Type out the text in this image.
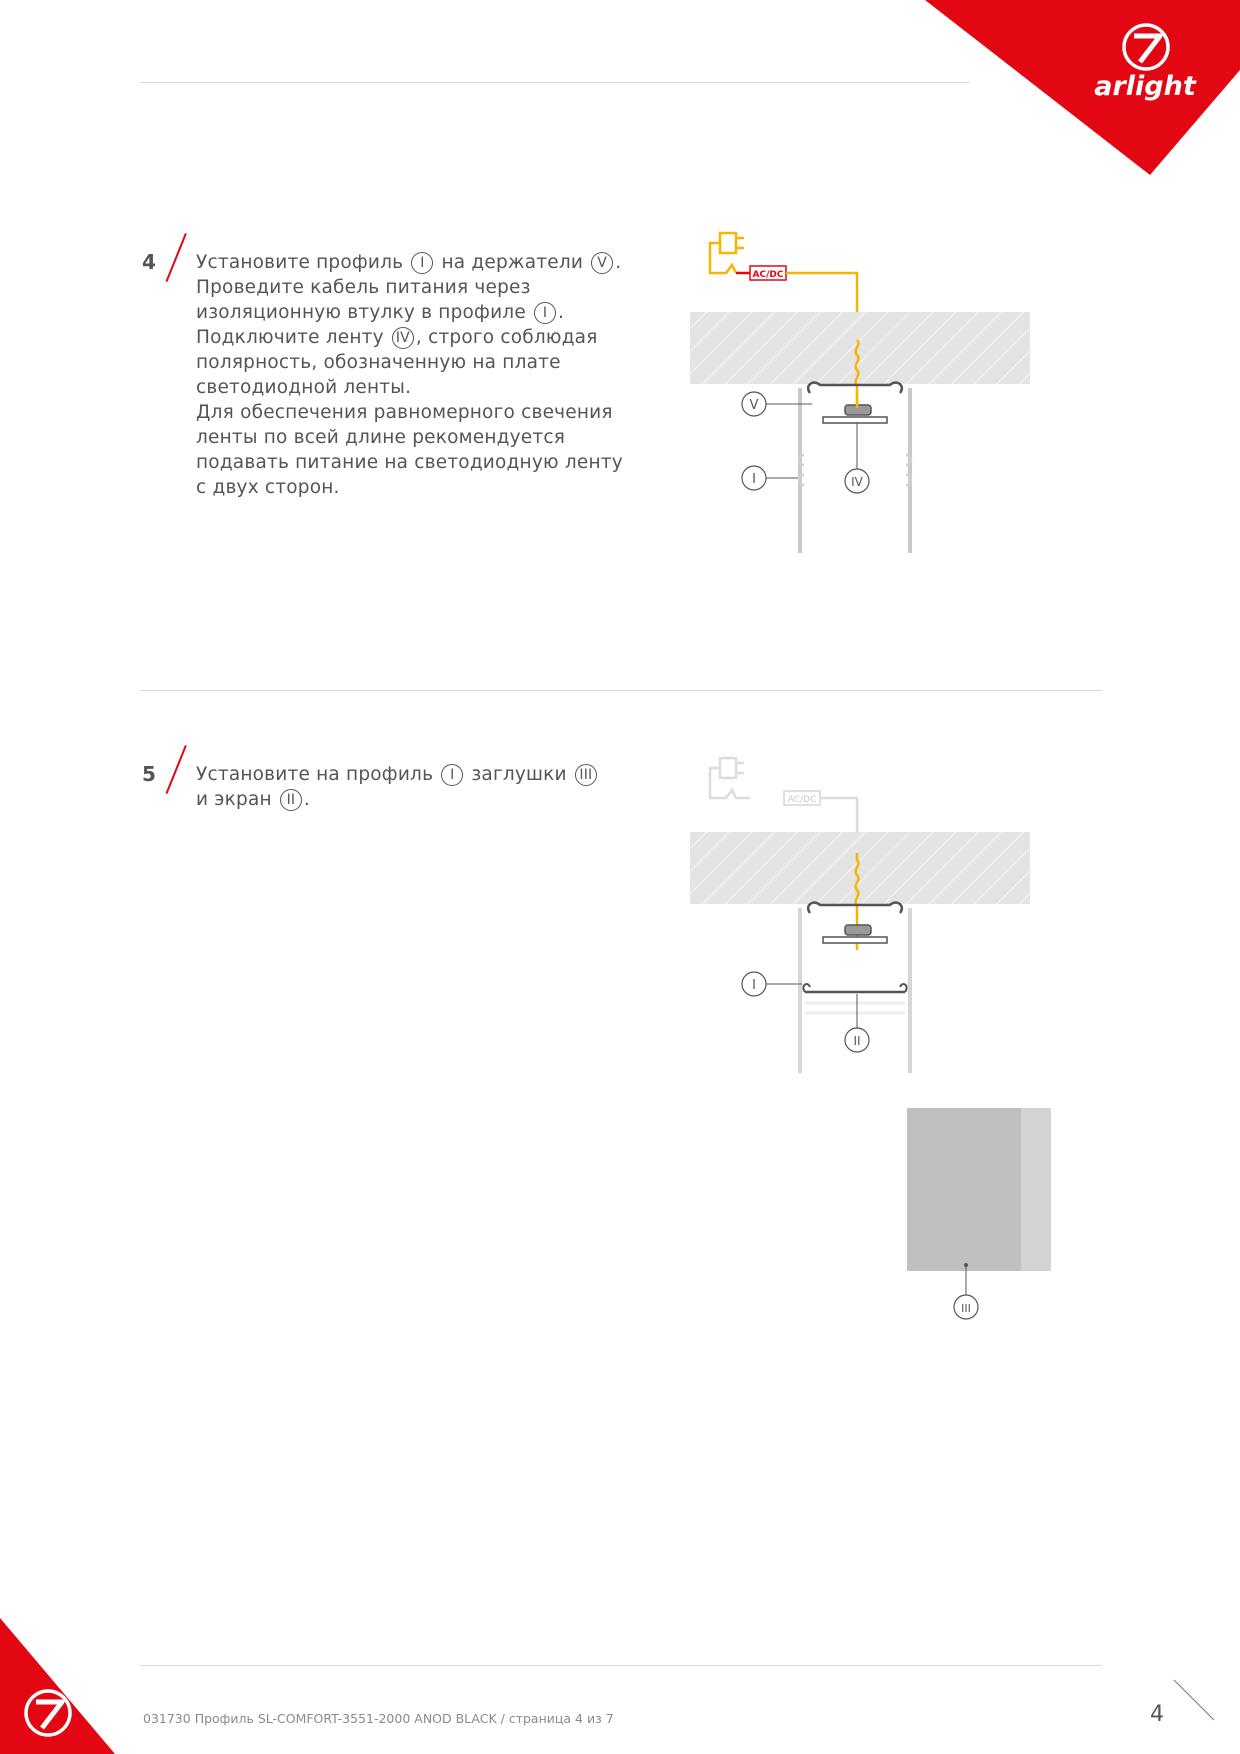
arlight
4 Установите профиль I на держатели V .
Проведите кабель питания через
изоляционную втулку в профиле I .
Подключите ленту IV , строго соблюдая
полярность, обозначенную на плате
светодиодной ленты.
Для обеспечения равномерного свечения
ленты по всей длине рекомендуется
подавать питание на светодиодную ленту
с двух сторон.
AC/DC
V
I	IV
5 Установите на профиль I заглушки III
и экран II .	AC/DC
I
II
III
031730 Профиль SL-COMFORT-3551-2000 ANOD BLACK / страница 4 из 7	4
